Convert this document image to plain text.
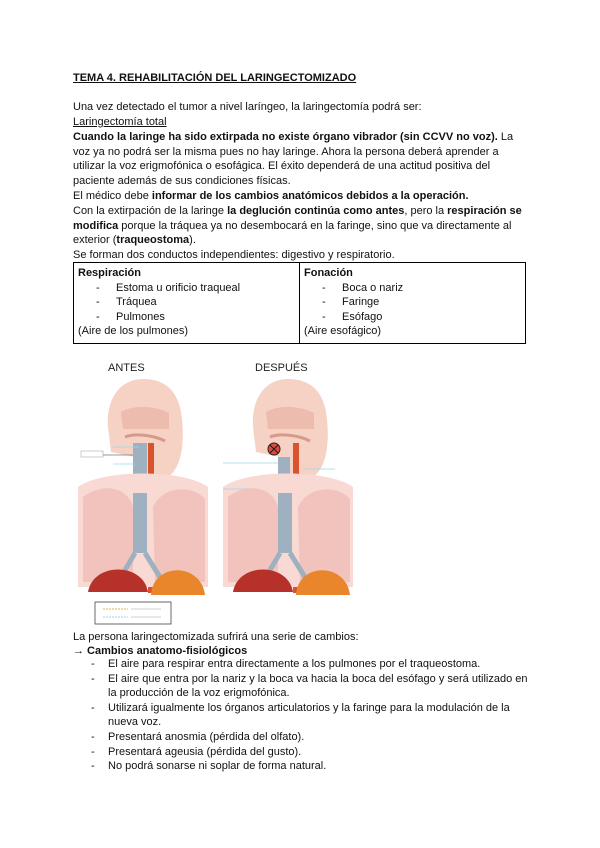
TEMA 4. REHABILITACIÓN DEL LARINGECTOMIZADO
Una vez detectado el tumor a nivel laríngeo, la laringectomía podrá ser:
Laringectomía total
Cuando la laringe ha sido extirpada no existe órgano vibrador (sin CCVV no voz). La voz ya no podrá ser la misma pues no hay laringe. Ahora la persona deberá aprender a utilizar la voz erigmofónica o esofágica. El éxito dependerá de una actitud positiva del paciente además de sus condiciones físicas.
El médico debe informar de los cambios anatómicos debidos a la operación.
Con la extirpación de la laringe la deglución continúa como antes, pero la respiración se modifica porque la tráquea ya no desembocará en la faringe, sino que va directamente al exterior (traqueostoma).
Se forman dos conductos independientes: digestivo y respiratorio.
Respiración
- Estoma u orificio traqueal
- Tráquea
- Pulmones
(Aire de los pulmones)

Fonación
- Boca o nariz
- Faringe
- Esófago
(Aire esofágico)
ANTES	DESPUÉS
La persona laringectomizada sufrirá una serie de cambios:
→ Cambios anatomo-fisiológicos
- El aire para respirar entra directamente a los pulmones por el traqueostoma.
- El aire que entra por la nariz y la boca va hacia la boca del esófago y será utilizado en la producción de la voz erigmofónica.
- Utilizará igualmente los órganos articulatorios y la faringe para la modulación de la nueva voz.
- Presentará anosmia (pérdida del olfato).
- Presentará ageusia (pérdida del gusto).
- No podrá sonarse ni soplar de forma natural.
